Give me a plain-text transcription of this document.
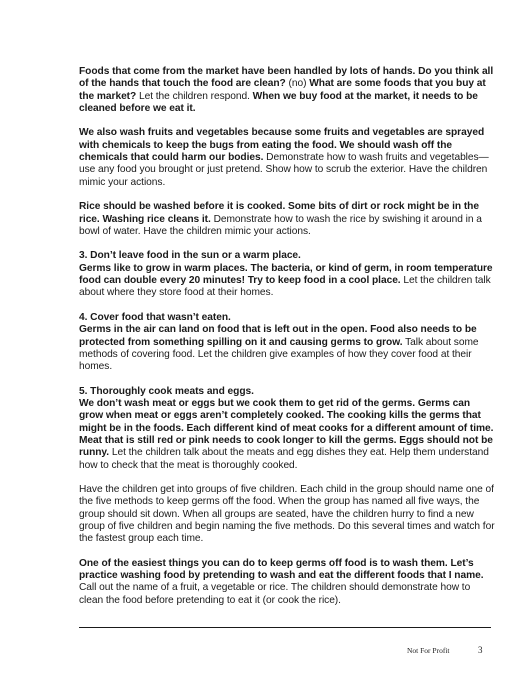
Foods that come from the market have been handled by lots of hands. Do you think all of the hands that touch the food are clean? (no) What are some foods that you buy at the market? Let the children respond. When we buy food at the market, it needs to be cleaned before we eat it.

We also wash fruits and vegetables because some fruits and vegetables are sprayed with chemicals to keep the bugs from eating the food. We should wash off the chemicals that could harm our bodies. Demonstrate how to wash fruits and vegetables—use any food you brought or just pretend. Show how to scrub the exterior. Have the children mimic your actions.

Rice should be washed before it is cooked. Some bits of dirt or rock might be in the rice. Washing rice cleans it. Demonstrate how to wash the rice by swishing it around in a bowl of water. Have the children mimic your actions.

3. Don’t leave food in the sun or a warm place.
Germs like to grow in warm places. The bacteria, or kind of germ, in room temperature food can double every 20 minutes! Try to keep food in a cool place. Let the children talk about where they store food at their homes.

4. Cover food that wasn’t eaten.
Germs in the air can land on food that is left out in the open. Food also needs to be protected from something spilling on it and causing germs to grow. Talk about some methods of covering food. Let the children give examples of how they cover food at their homes.

5. Thoroughly cook meats and eggs.
We don’t wash meat or eggs but we cook them to get rid of the germs. Germs can grow when meat or eggs aren’t completely cooked. The cooking kills the germs that might be in the foods. Each different kind of meat cooks for a different amount of time. Meat that is still red or pink needs to cook longer to kill the germs. Eggs should not be runny. Let the children talk about the meats and egg dishes they eat. Help them understand how to check that the meat is thoroughly cooked.

Have the children get into groups of five children. Each child in the group should name one of the five methods to keep germs off the food. When the group has named all five ways, the group should sit down. When all groups are seated, have the children hurry to find a new group of five children and begin naming the five methods. Do this several times and watch for the fastest group each time.

One of the easiest things you can do to keep germs off food is to wash them. Let’s practice washing food by pretending to wash and eat the different foods that I name. Call out the name of a fruit, a vegetable or rice. The children should demonstrate how to clean the food before pretending to eat it (or cook the rice).

Not For Profit	3
